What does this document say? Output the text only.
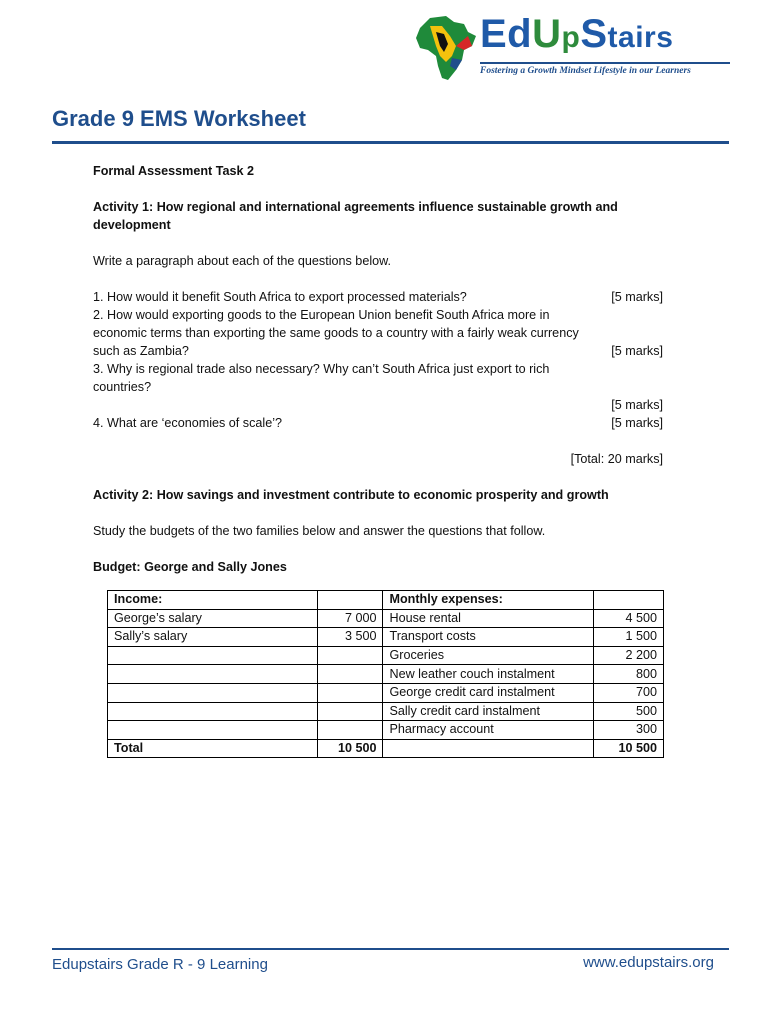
EdUpStairs
Fostering a Growth Mindset Lifestyle in our Learners
Grade 9 EMS Worksheet

Formal Assessment Task 2

Activity 1: How regional and international agreements influence sustainable growth and development

Write a paragraph about each of the questions below.

1. How would it benefit South Africa to export processed materials?	[5 marks]

2. How would exporting goods to the European Union benefit South Africa more in

economic terms than exporting the same goods to a country with a fairly weak currency

such as Zambia?	[5 marks]

3. Why is regional trade also necessary? Why can’t South Africa just export to rich

countries?

[5 marks]

4. What are ‘economies of scale’?	[5 marks]

[Total: 20 marks]

Activity 2: How savings and investment contribute to economic prosperity and growth

Study the budgets of the two families below and answer the questions that follow.

Budget: George and Sally Jones

Income:		Monthly expenses:	
George’s salary	7 000	House rental	4 500
Sally’s salary	3 500	Transport costs	1 500
		Groceries	2 200
		New leather couch instalment	800
		George credit card instalment	700
		Sally credit card instalment	500
		Pharmacy account	300
Total	10 500		10 500
Edupstairs Grade R - 9 Learning	www.edupstairs.org
